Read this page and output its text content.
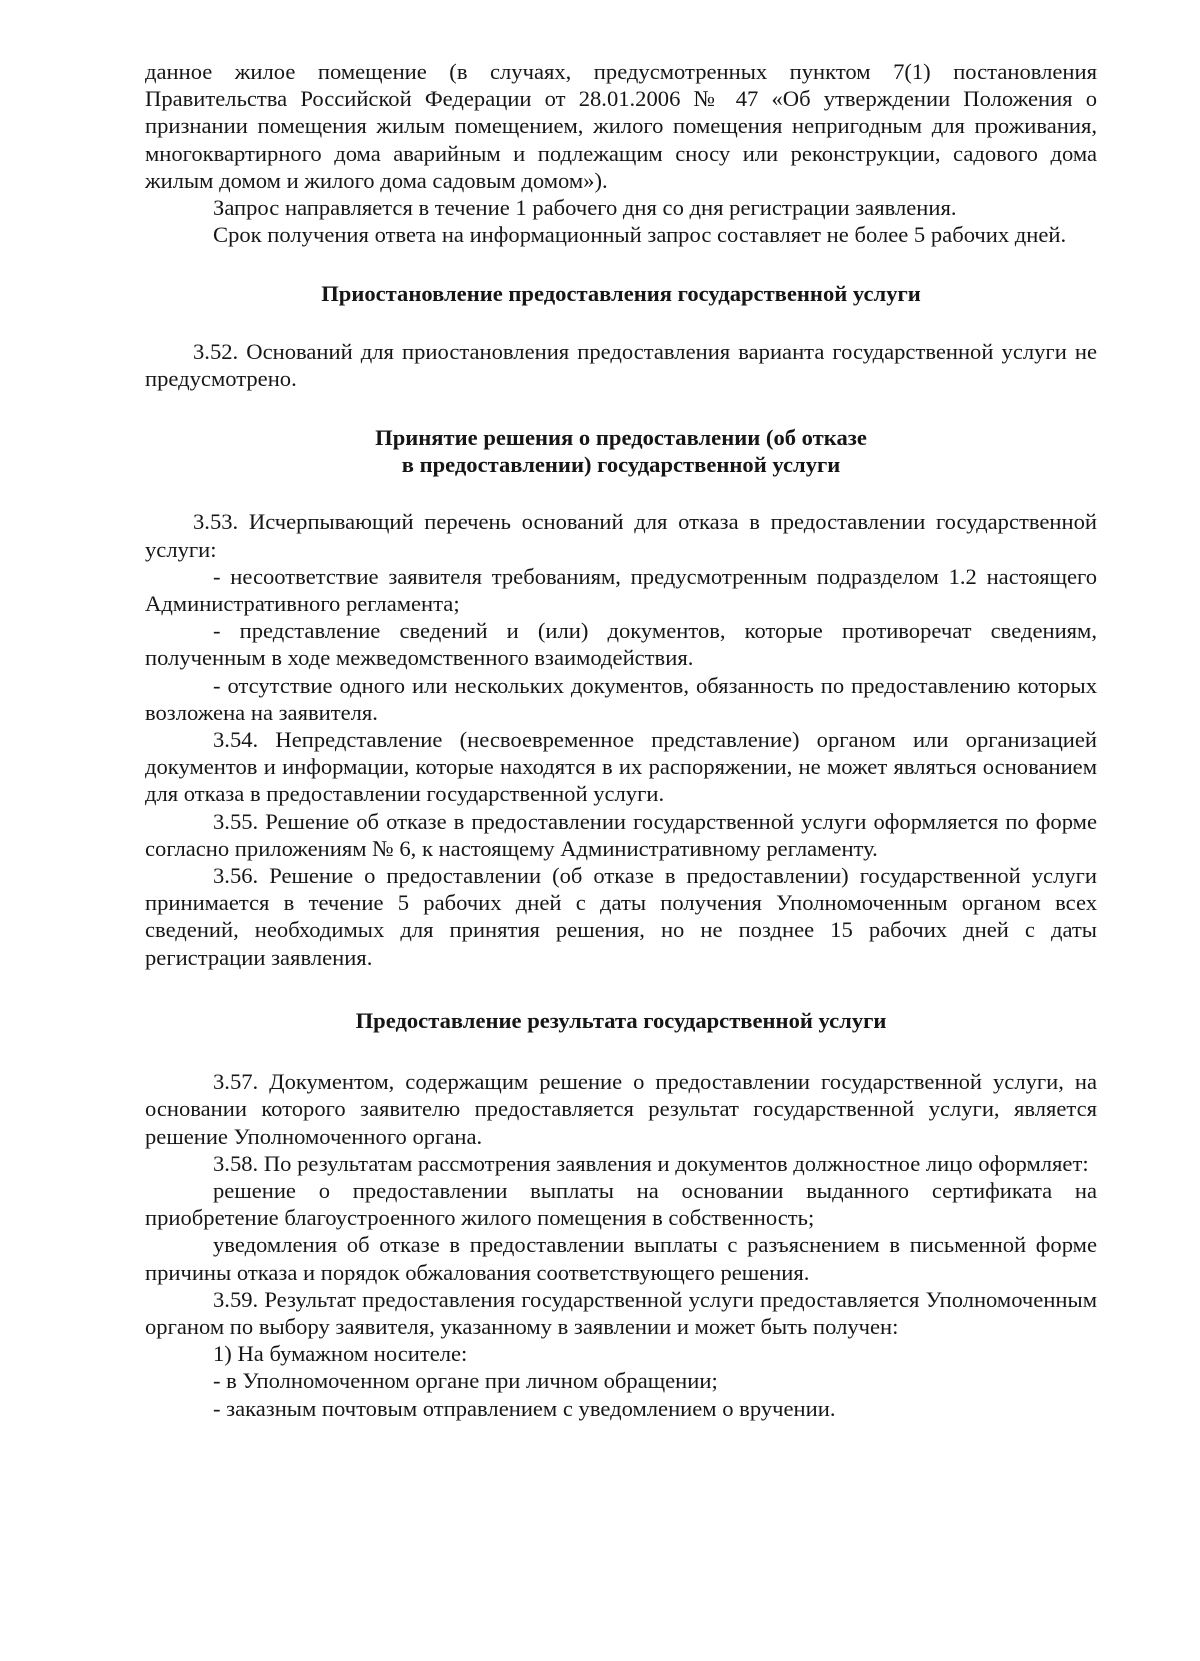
данное жилое помещение (в случаях, предусмотренных пунктом 7(1) постановления Правительства Российской Федерации от 28.01.2006 № 47 «Об утверждении Положения о признании помещения жилым помещением, жилого помещения непригодным для проживания, многоквартирного дома аварийным и подлежащим сносу или реконструкции, садового дома жилым домом и жилого дома садовым домом»).

Запрос направляется в течение 1 рабочего дня со дня регистрации заявления.

Срок получения ответа на информационный запрос составляет не более 5 рабочих дней.

Приостановление предоставления государственной услуги

3.52. Оснований для приостановления предоставления варианта государственной услуги не предусмотрено.

Принятие решения о предоставлении (об отказе
в предоставлении) государственной услуги

3.53. Исчерпывающий перечень оснований для отказа в предоставлении государственной услуги:

- несоответствие заявителя требованиям, предусмотренным подразделом 1.2 настоящего Административного регламента;

- представление сведений и (или) документов, которые противоречат сведениям, полученным в ходе межведомственного взаимодействия.

- отсутствие одного или нескольких документов, обязанность по предоставлению которых возложена на заявителя.

3.54. Непредставление (несвоевременное представление) органом или организацией документов и информации, которые находятся в их распоряжении, не может являться основанием для отказа в предоставлении государственной услуги.

3.55. Решение об отказе в предоставлении государственной услуги оформляется по форме согласно приложениям № 6, к настоящему Административному регламенту.

3.56. Решение о предоставлении (об отказе в предоставлении) государственной услуги принимается в течение 5 рабочих дней с даты получения Уполномоченным органом всех сведений, необходимых для принятия решения, но не позднее 15 рабочих дней с даты регистрации заявления.

Предоставление результата государственной услуги

3.57. Документом, содержащим решение о предоставлении государственной услуги, на основании которого заявителю предоставляется результат государственной услуги, является решение Уполномоченного органа.

3.58. По результатам рассмотрения заявления и документов должностное лицо оформляет:

решение о предоставлении выплаты на основании выданного сертификата на приобретение благоустроенного жилого помещения в собственность;

уведомления об отказе в предоставлении выплаты с разъяснением в письменной форме причины отказа и порядок обжалования соответствующего решения.

3.59. Результат предоставления государственной услуги предоставляется Уполномоченным органом по выбору заявителя, указанному в заявлении и может быть получен:

1) На бумажном носителе:

- в Уполномоченном органе при личном обращении;

- заказным почтовым отправлением с уведомлением о вручении.
